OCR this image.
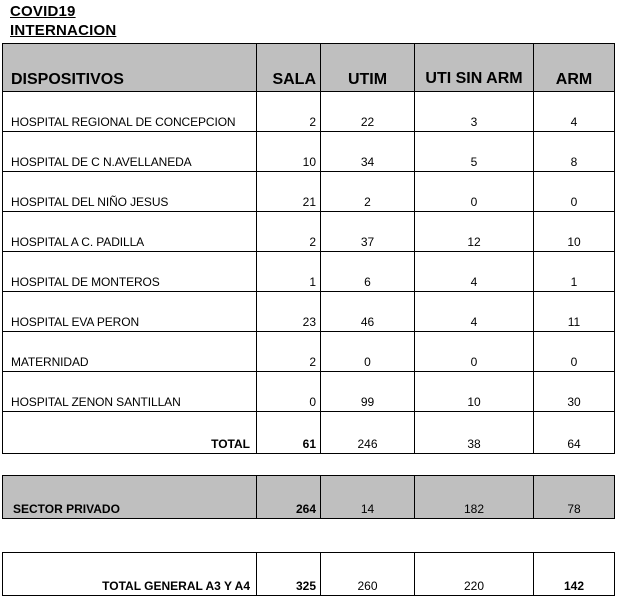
COVID19
INTERNACION
DISPOSITIVOS	SALA	UTIM	UTI SIN ARM	ARM
HOSPITAL REGIONAL DE CONCEPCION	2	22	3	4
HOSPITAL DE C N.AVELLANEDA	10	34	5	8
HOSPITAL DEL NIÑO JESUS	21	2	0	0
HOSPITAL A C. PADILLA	2	37	12	10
HOSPITAL DE MONTEROS	1	6	4	1
HOSPITAL EVA PERON	23	46	4	11
MATERNIDAD	2	0	0	0
HOSPITAL ZENON SANTILLAN	0	99	10	30
TOTAL	61	246	38	64
SECTOR PRIVADO	264	14	182	78
TOTAL GENERAL A3 Y A4	325	260	220	142
